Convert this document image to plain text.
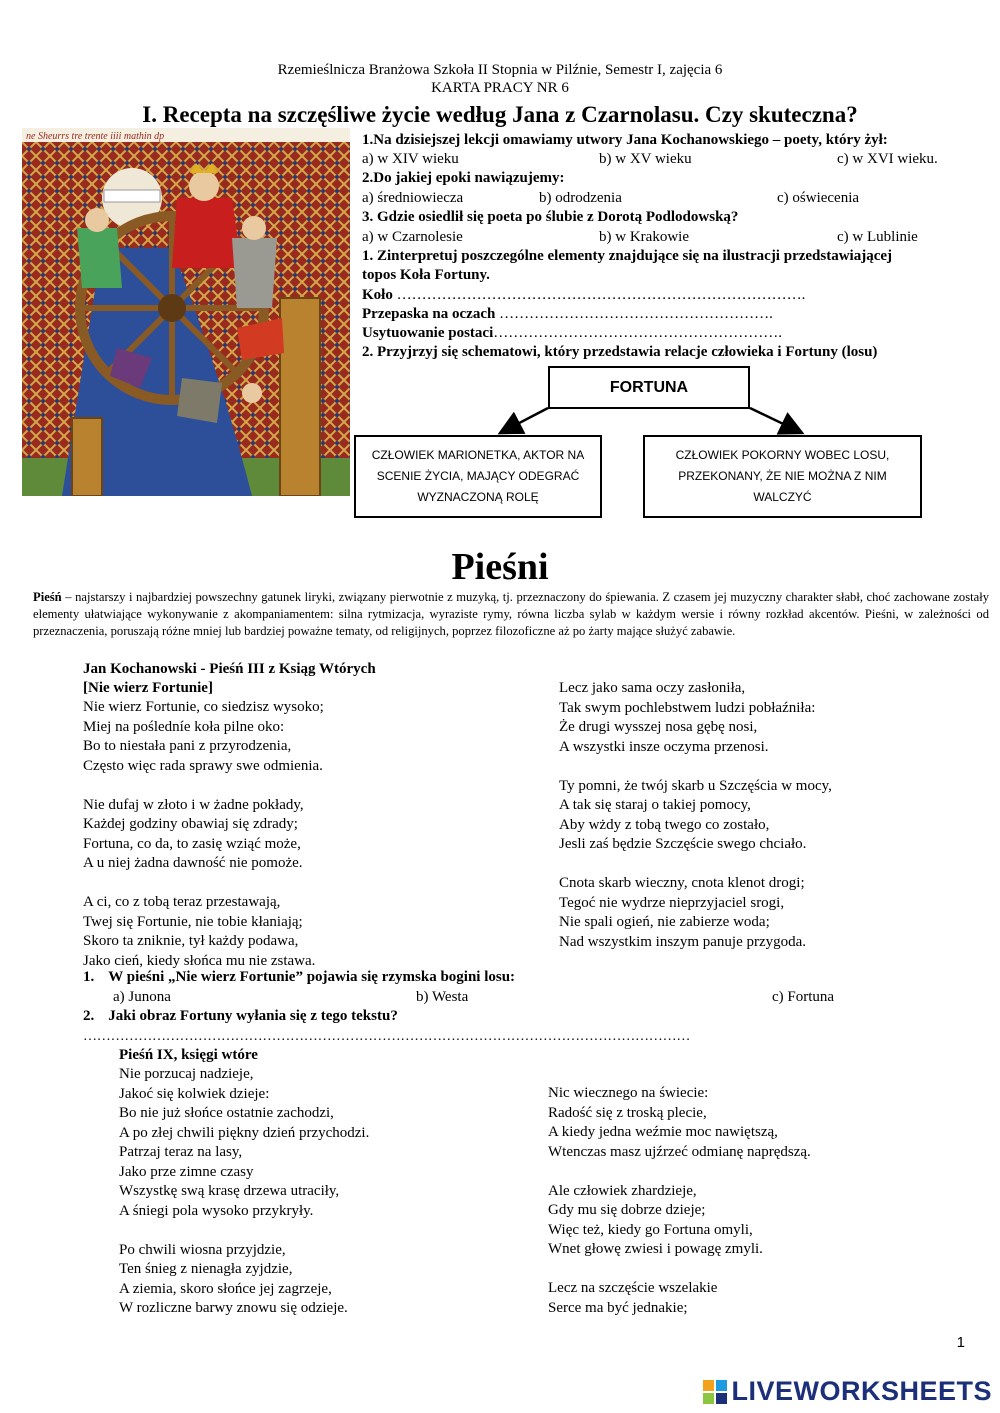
Rzemieślnicza Branżowa Szkoła II Stopnia w Pilźnie, Semestr I, zajęcia 6
KARTA PRACY NR 6
I. Recepta na szczęśliwe życie według Jana z Czarnolasu. Czy skuteczna?
ne Sheurrs tre trente iiii mathin dp	1.Na dzisiejszej lekcji omawiamy utwory Jana Kochanowskiego – poety, który żył:
a) w XIV wieku	b) w XV wieku	c) w XVI wieku.
2.Do jakiej epoki nawiązujemy:
a) średniowiecza	b) odrodzenia	c) oświecenia
3. Gdzie osiedlił się poeta po ślubie z Dorotą Podlodowską?
a) w Czarnolesie	b) w Krakowie	c) w Lublinie
1. Zinterpretuj poszczególne elementy znajdujące się na ilustracji przedstawiającej
topos Koła Fortuny.
Koło ……………………………………………………………………….
Przepaska na oczach ……………………………………………….
Usytuowanie postaci………………………………………………….
2. Przyjrzyj się schematowi, który przedstawia relacje człowieka i Fortuny (losu)
FORTUNA
CZŁOWIEK MARIONETKA, AKTOR NA SCENIE ŻYCIA, MAJĄCY ODEGRAĆ WYZNACZONĄ ROLĘ
CZŁOWIEK POKORNY WOBEC LOSU, PRZEKONANY, ŻE NIE MOŻNA Z NIM WALCZYĆ
Pieśni
Pieśń – najstarszy i najbardziej powszechny gatunek liryki, związany pierwotnie z muzyką, tj. przeznaczony do śpiewania. Z czasem jej muzyczny charakter słabł, choć zachowane zostały elementy ułatwiające wykonywanie z akompaniamentem: silna rytmizacja, wyraziste rymy, równa liczba sylab w każdym wersie i równy rozkład akcentów. Pieśni, w zależności od przeznaczenia, poruszają różne mniej lub bardziej poważne tematy, od religijnych, poprzez filozoficzne aż po żarty mające służyć zabawie.
Jan Kochanowski - Pieśń III z Ksiąg Wtórych
[Nie wierz Fortunie]
Nie wierz Fortunie, co siedzisz wysoko;
Miej na pośledníe koła pilne oko:
Bo to niestała pani z przyrodzenia,
Często więc rada sprawy swe odmienia.
Nie dufaj w złoto i w żadne pokłady,
Każdej godziny obawiaj się zdrady;
Fortuna, co da, to zasię wziąć może,
A u niej żadna dawność nie pomoże.
A ci, co z tobą teraz przestawają,
Twej się Fortunie, nie tobie kłaniają;
Skoro ta zniknie, tył każdy podawa,
Jako cień, kiedy słońca mu nie zstawa.
Lecz jako sama oczy zasłoniła,
Tak swym pochlebstwem ludzi pobłaźniła:
Że drugi wysszej nosa gębę nosi,
A wszystki insze oczyma przenosi.
Ty pomni, że twój skarb u Szczęścia w mocy,
A tak się staraj o takiej pomocy,
Aby wżdy z tobą twego co zostało,
Jesli zaś będzie Szczęście swego chciało.
Cnota skarb wieczny, cnota klenot drogi;
Tegoć nie wydrze nieprzyjaciel srogi,
Nie spali ogień, nie zabierze woda;
Nad wszystkim inszym panuje przygoda.
1. W pieśni „Nie wierz Fortunie” pojawia się rzymska bogini losu:
a) Junona	b) Westa	c) Fortuna
2. Jaki obraz Fortuny wyłania się z tego tekstu?
……………………………………………………………………………………………………………………
Pieśń IX, księgi wtóre
Nie porzucaj nadzieje,
Jakoć się kolwiek dzieje:
Bo nie już słońce ostatnie zachodzi,
A po złej chwili piękny dzień przychodzi.
Patrzaj teraz na lasy,
Jako prze zimne czasy
Wszystkę swą krasę drzewa utraciły,
A śniegi pola wysoko przykryły.
Po chwili wiosna przyjdzie,
Ten śnieg z nienagła zyjdzie,
A ziemia, skoro słońce jej zagrzeje,
W rozliczne barwy znowu się odzieje.
Nic wiecznego na świecie:
Radość się z troską plecie,
A kiedy jedna weźmie moc nawiętszą,
Wtenczas masz ujźrzeć odmianę naprędszą.
Ale człowiek zhardzieje,
Gdy mu się dobrze dzieje;
Więc też, kiedy go Fortuna omyli,
Wnet głowę zwiesi i powagę zmyli.
Lecz na szczęście wszelakie
Serce ma być jednakie;
1
LIVEWORKSHEETS
